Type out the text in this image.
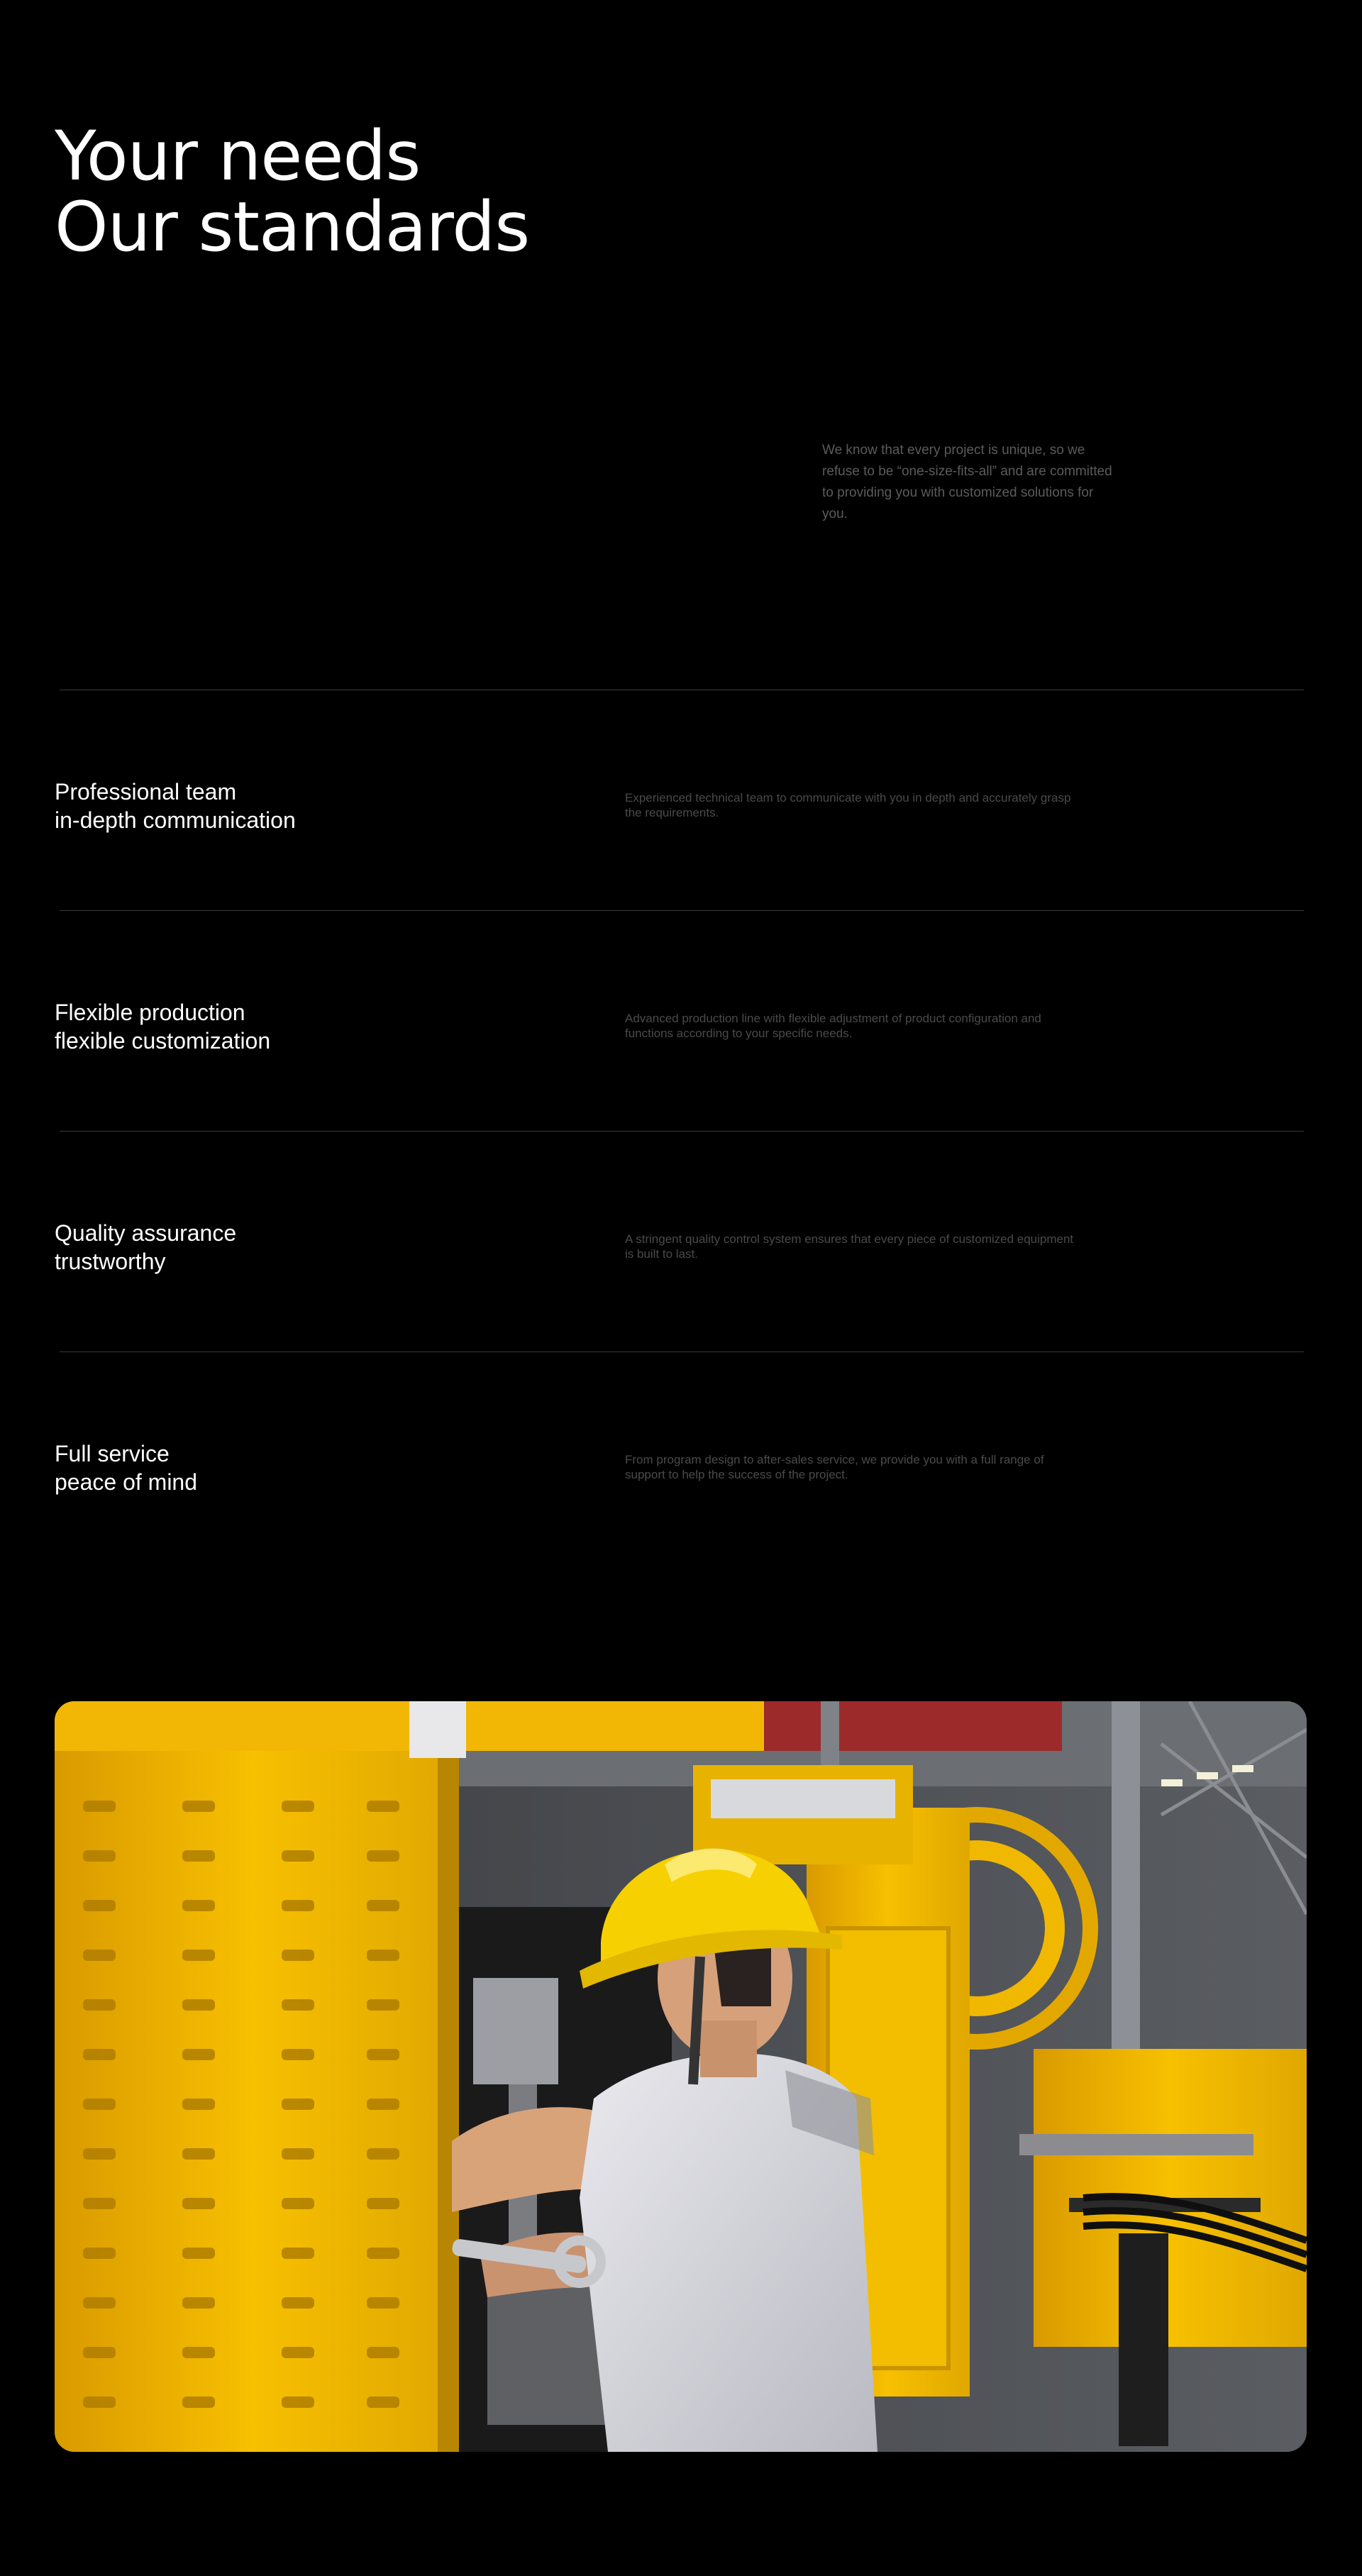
Your needs
Our standards

We know that every project is unique, so we refuse to be “one-size-fits-all” and are committed to providing you with customized solutions for you.

Professional team
in-depth communication

Experienced technical team to communicate with you in depth and accurately grasp the requirements.

Flexible production
flexible customization

Advanced production line with flexible adjustment of product configuration and functions according to your specific needs.

Quality assurance
trustworthy

A stringent quality control system ensures that every piece of customized equipment is built to last.

Full service
peace of mind

From program design to after-sales service, we provide you with a full range of support to help the success of the project.
